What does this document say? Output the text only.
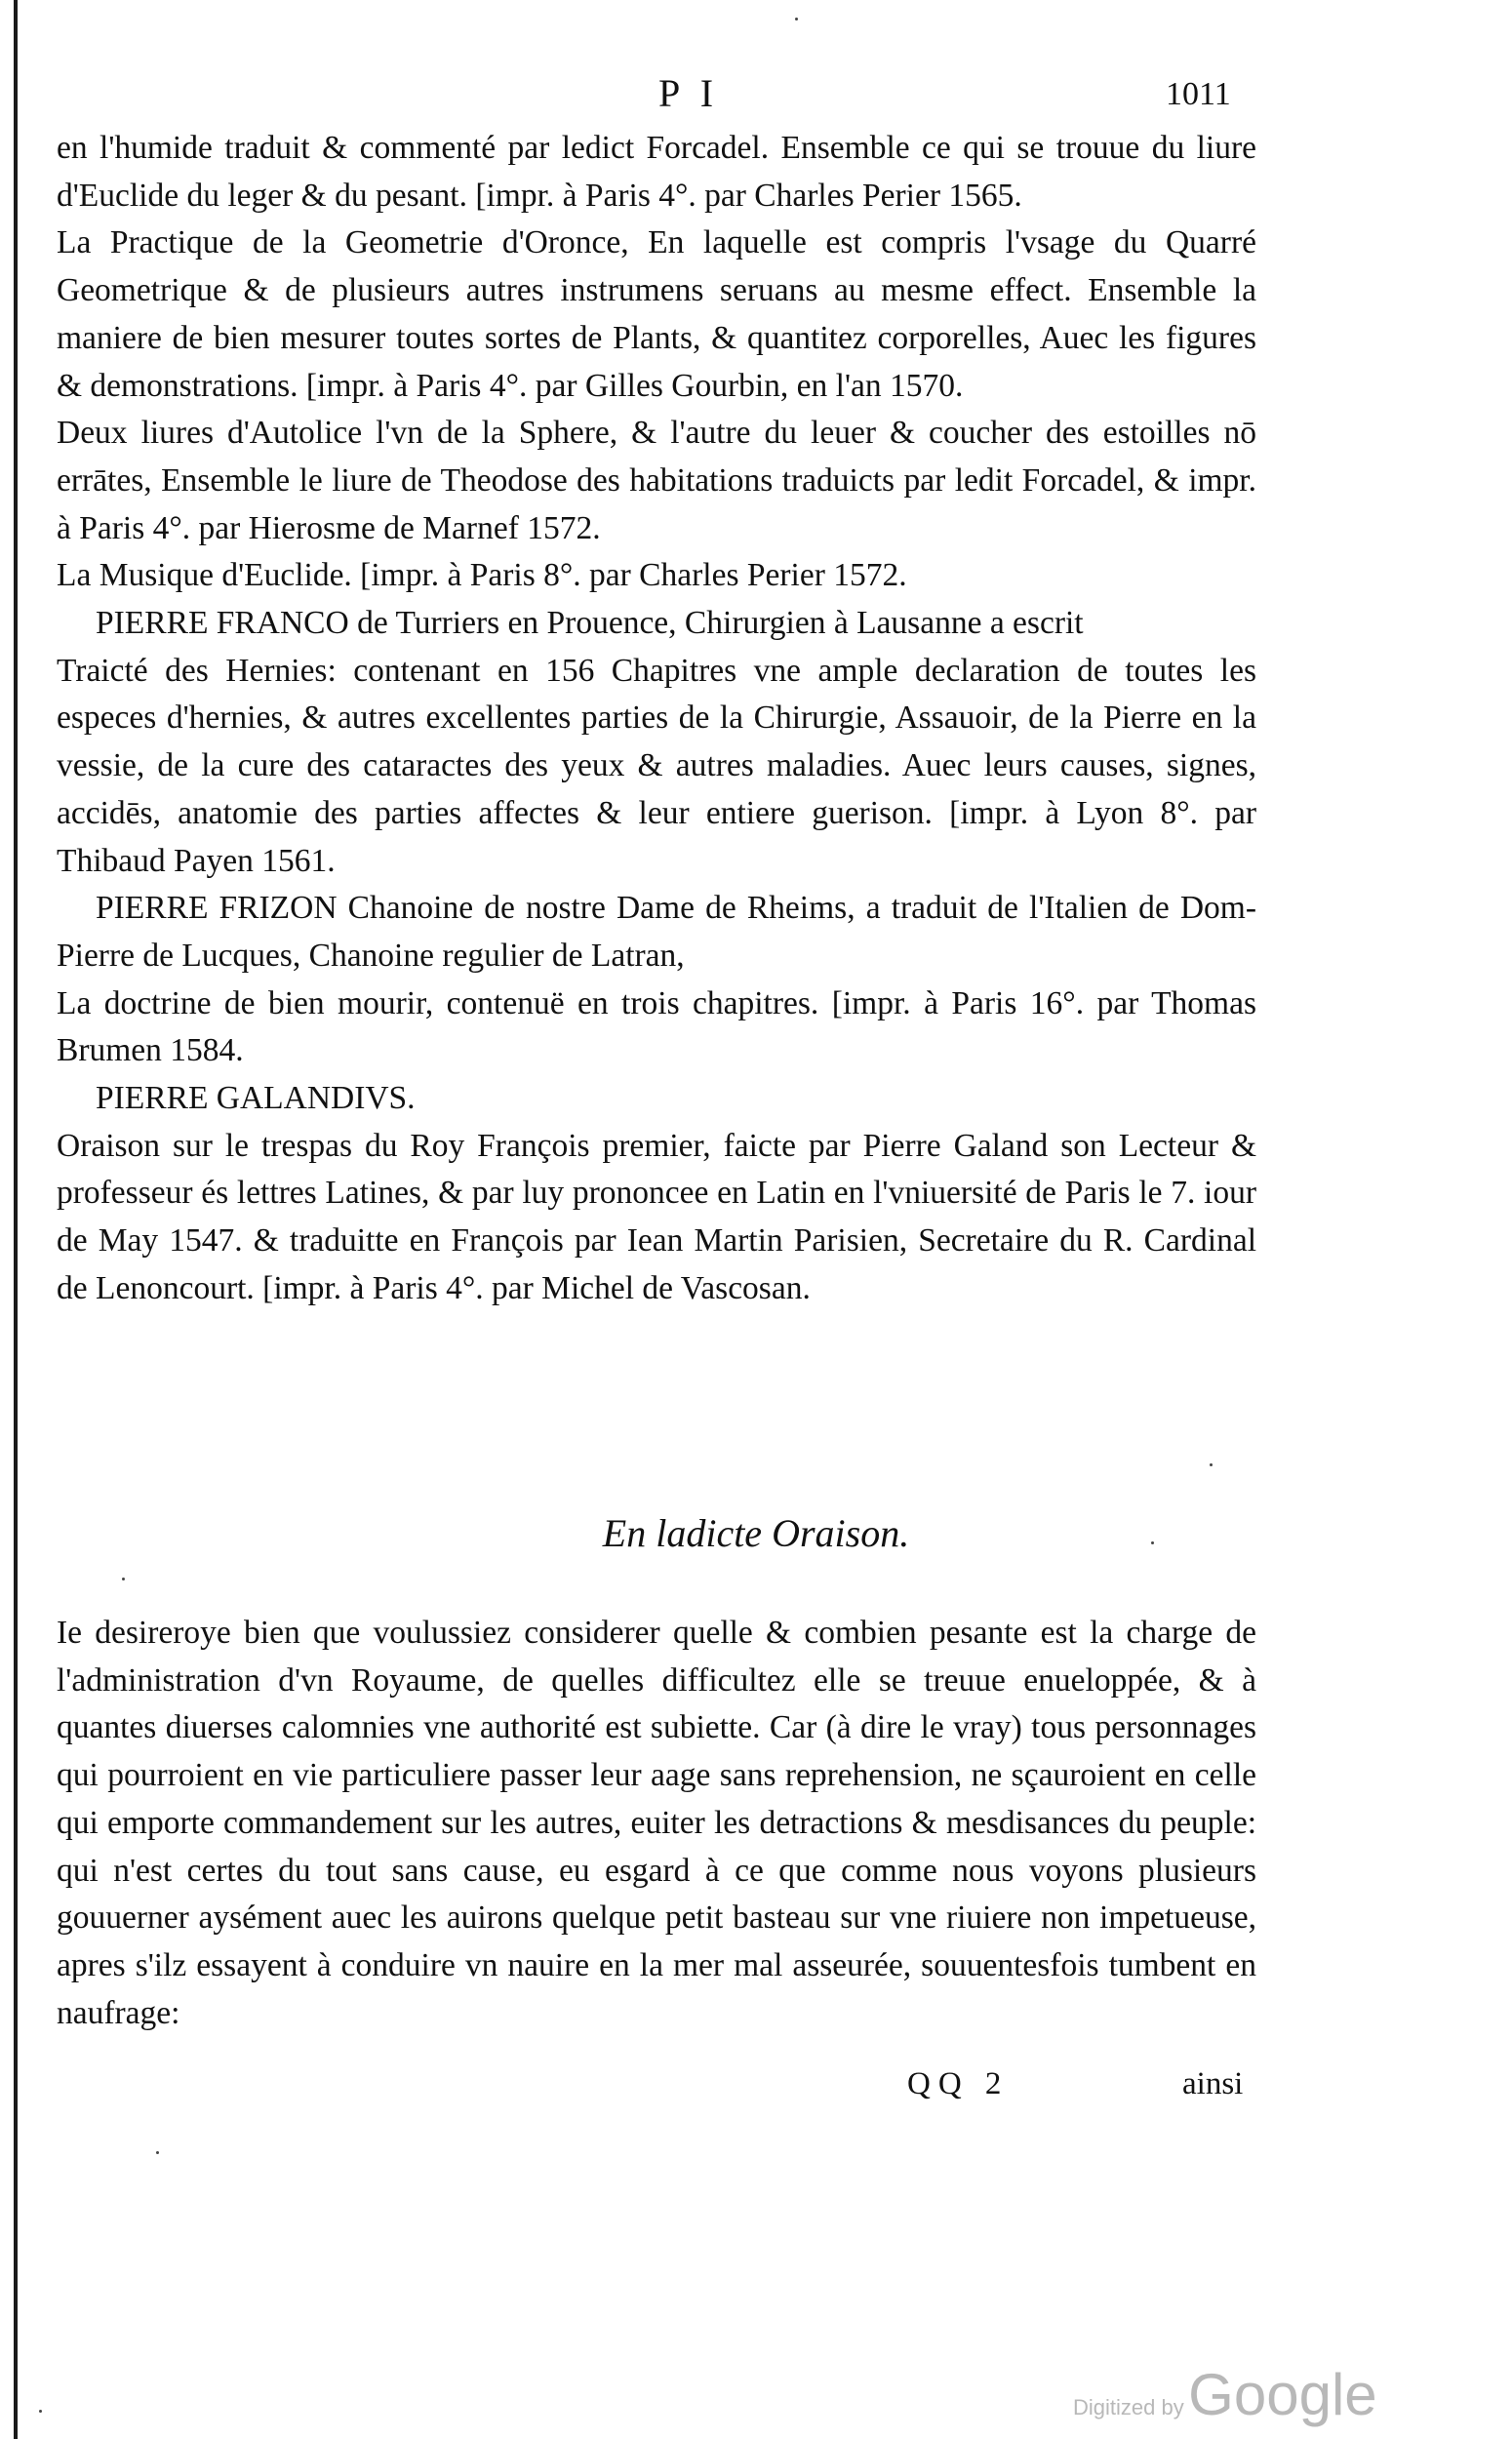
P I	1011

en l'humide traduit & commenté par ledict Forcadel. Ensemble ce qui se trouue du liure d'Euclide du leger & du pesant. [impr. à Paris 4°. par Charles Perier 1565.

La Practique de la Geometrie d'Oronce, En laquelle est compris l'vsage du Quarré Geometrique & de plusieurs autres instrumens seruans au mesme effect. Ensemble la maniere de bien mesurer toutes sortes de Plants, & quantitez corporelles, Auec les figures & demonstrations. [impr. à Paris 4°. par Gilles Gourbin, en l'an 1570.

Deux liures d'Autolice l'vn de la Sphere, & l'autre du leuer & coucher des estoilles nō errātes, Ensemble le liure de Theodose des habitations traduicts par ledit Forcadel, & impr. à Paris 4°. par Hierosme de Marnef 1572.

La Musique d'Euclide. [impr. à Paris 8°. par Charles Perier 1572.

PIERRE FRANCO de Turriers en Prouence, Chirurgien à Lausanne a escrit

Traicté des Hernies: contenant en 156 Chapitres vne ample declaration de toutes les especes d'hernies, & autres excellentes parties de la Chirurgie, Assauoir, de la Pierre en la vessie, de la cure des cataractes des yeux & autres maladies. Auec leurs causes, signes, accidēs, anatomie des parties affectes & leur entiere guerison. [impr. à Lyon 8°. par Thibaud Payen 1561.

PIERRE FRIZON Chanoine de nostre Dame de Rheims, a traduit de l'Italien de Dom-Pierre de Lucques, Chanoine regulier de Latran,

La doctrine de bien mourir, contenuë en trois chapitres. [impr. à Paris 16°. par Thomas Brumen 1584.

PIERRE GALANDIVS.

Oraison sur le trespas du Roy François premier, faicte par Pierre Galand son Lecteur & professeur és lettres Latines, & par luy prononcee en Latin en l'vniuersité de Paris le 7. iour de May 1547. & traduitte en François par Iean Martin Parisien, Secretaire du R. Cardinal de Lenoncourt. [impr. à Paris 4°. par Michel de Vascosan.

En ladicte Oraison.

Ie desireroye bien que voulussiez considerer quelle & combien pesante est la charge de l'administration d'vn Royaume, de quelles difficultez elle se treuue enueloppée, & à quantes diuerses calomnies vne authorité est subiette. Car (à dire le vray) tous personnages qui pourroient en vie particuliere passer leur aage sans reprehension, ne sçauroient en celle qui emporte commandement sur les autres, euiter les detractions & mesdisances du peuple: qui n'est certes du tout sans cause, eu esgard à ce que comme nous voyons plusieurs gouuerner aysément auec les auirons quelque petit basteau sur vne riuiere non impetueuse, apres s'ilz essayent à conduire vn nauire en la mer mal asseurée, souuentesfois tumbent en naufrage:

QQ 2	ainsi
Digitized by Google
